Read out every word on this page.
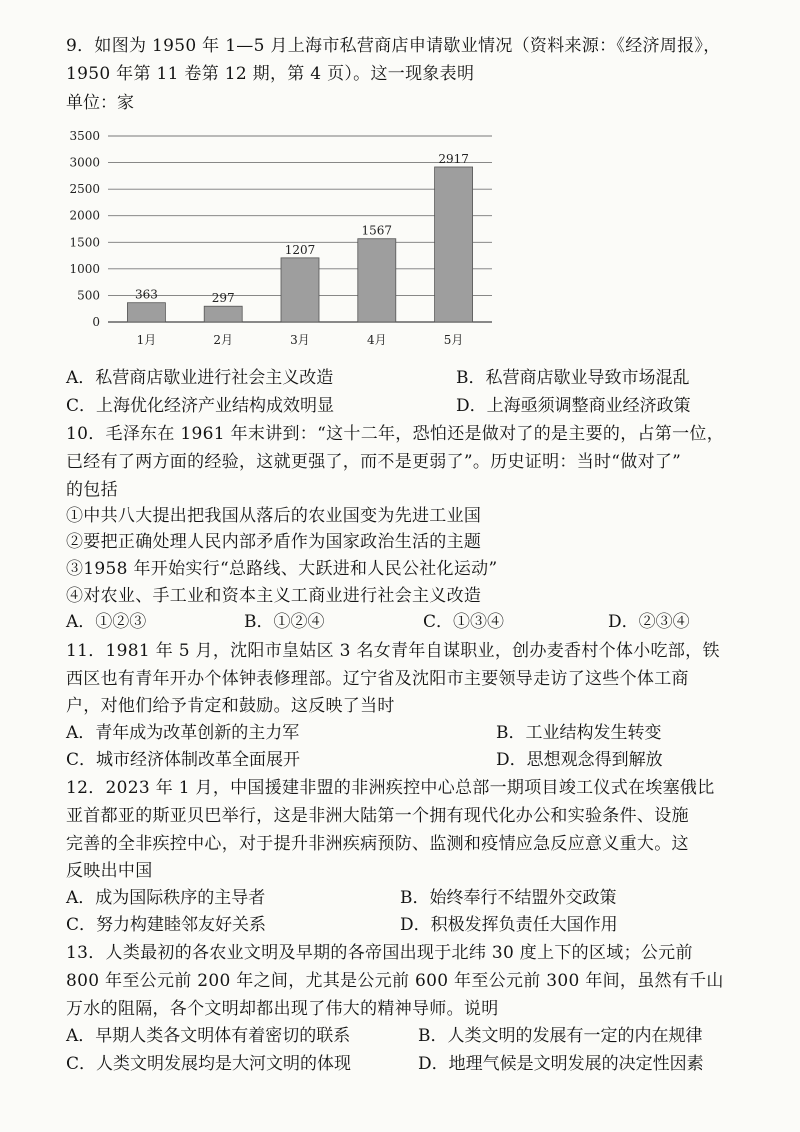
9．如图为 1950 年 1—5 月上海市私营商店申请歇业情况（资料来源：《经济周报》，
1950 年第 11 卷第 12 期，第 4 页）。这一现象表明
单位：家
0
500
1000
1500
2000
2500
3000
3500
363
1月
297
2月
1207
3月
1567
4月
2917
5月
A．私营商店歇业进行社会主义改造	B．私营商店歇业导致市场混乱
C．上海优化经济产业结构成效明显	D．上海亟须调整商业经济政策
10．毛泽东在 1961 年末讲到：“这十二年，恐怕还是做对了的是主要的，占第一位，
已经有了两方面的经验，这就更强了，而不是更弱了”。历史证明：当时“做对了”
的包括
①中共八大提出把我国从落后的农业国变为先进工业国
②要把正确处理人民内部矛盾作为国家政治生活的主题
③1958 年开始实行“总路线、大跃进和人民公社化运动”
④对农业、手工业和资本主义工商业进行社会主义改造
A．①②③	B．①②④	C．①③④	D．②③④
11．1981 年 5 月，沈阳市皇姑区 3 名女青年自谋职业，创办麦香村个体小吃部，铁
西区也有青年开办个体钟表修理部。辽宁省及沈阳市主要领导走访了这些个体工商
户，对他们给予肯定和鼓励。这反映了当时
A．青年成为改革创新的主力军	B．工业结构发生转变
C．城市经济体制改革全面展开	D．思想观念得到解放
12．2023 年 1 月，中国援建非盟的非洲疾控中心总部一期项目竣工仪式在埃塞俄比
亚首都亚的斯亚贝巴举行，这是非洲大陆第一个拥有现代化办公和实验条件、设施
完善的全非疾控中心，对于提升非洲疾病预防、监测和疫情应急反应意义重大。这
反映出中国
A．成为国际秩序的主导者	B．始终奉行不结盟外交政策
C．努力构建睦邻友好关系	D．积极发挥负责任大国作用
13．人类最初的各农业文明及早期的各帝国出现于北纬 30 度上下的区域；公元前
800 年至公元前 200 年之间，尤其是公元前 600 年至公元前 300 年间，虽然有千山
万水的阻隔，各个文明却都出现了伟大的精神导师。说明
A．早期人类各文明体有着密切的联系	B．人类文明的发展有一定的内在规律
C．人类文明发展均是大河文明的体现	D．地理气候是文明发展的决定性因素
